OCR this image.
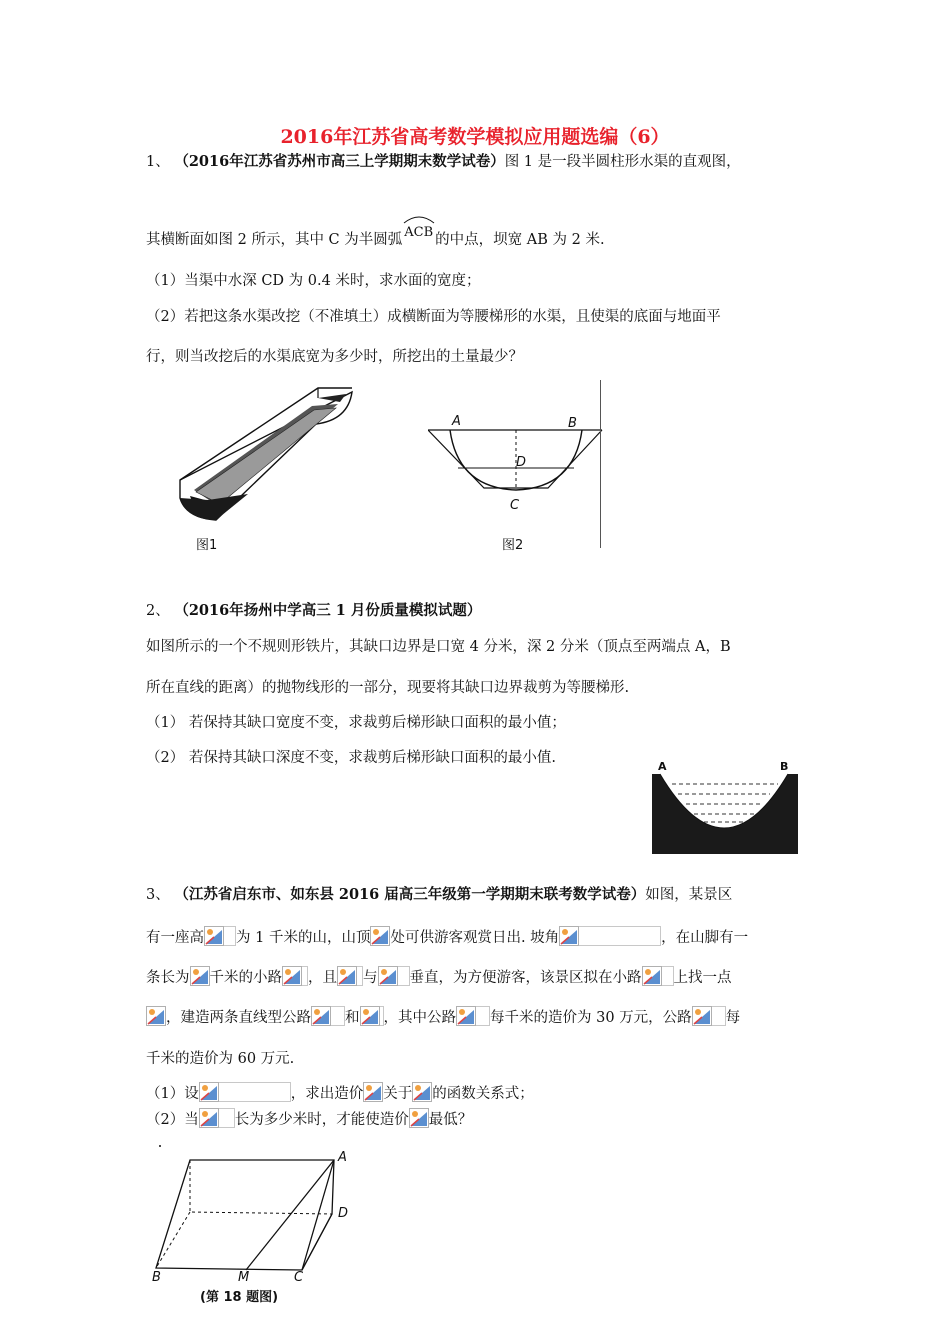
2016年江苏省高考数学模拟应用题选编（6）
1、 （2016年江苏省苏州市高三上学期期末数学试卷）图 1 是一段半圆柱形水渠的直观图，
其横断面如图 2 所示，其中 C 为半圆弧 ACB 的中点，坝宽 AB 为 2 米.
（1）当渠中水深 CD 为 0.4 米时，求水面的宽度；
（2）若把这条水渠改挖（不准填土）成横断面为等腰梯形的水渠，且使渠的底面与地面平
行，则当改挖后的水渠底宽为多少时，所挖出的土量最少？
图1
A	B
D
C
图2
2、 （2016年扬州中学高三 1 月份质量模拟试题）
如图所示的一个不规则形铁片，其缺口边界是口宽 4 分米，深 2 分米（顶点至两端点 A，B
所在直线的距离）的抛物线形的一部分，现要将其缺口边界裁剪为等腰梯形.
（1） 若保持其缺口宽度不变，求裁剪后梯形缺口面积的最小值；
（2） 若保持其缺口深度不变，求裁剪后梯形缺口面积的最小值.
A	B
3、 （江苏省启东市、如东县 2016 届高三年级第一学期期末联考数学试卷）如图，某景区
有一座高 为 1 千米的山，山顶 处可供游客观赏日出. 坡角	，在山脚有一
条长为 千米的小路 ，且 与 垂直，为方便游客，该景区拟在小路 上找一点
，建造两条直线型公路 和 ，其中公路 每千米的造价为 30 万元，公路 每
千米的造价为 60 万元.
（1）设	，求出造价 关于 的函数关系式；
（2）当 长为多少米时，才能使造价 最低？
A
D
B	M	C
(第 18 题图)
